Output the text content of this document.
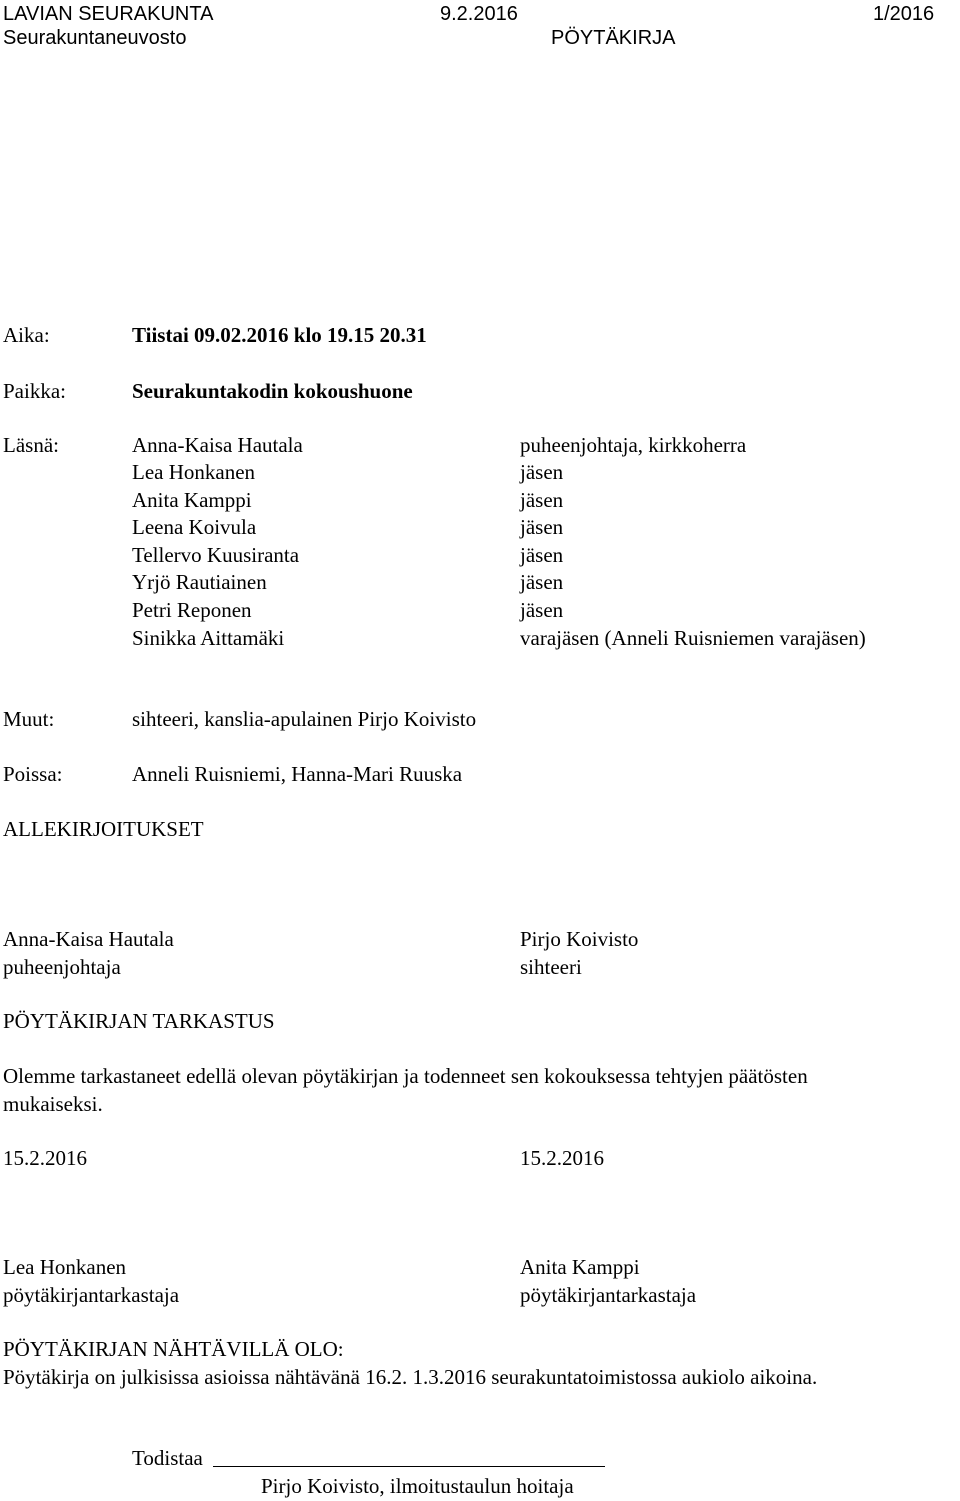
LAVIAN SEURAKUNTA	9.2.2016	1/2016
Seurakuntaneuvosto	PÖYTÄKIRJA
Aika:	Tiistai 09.02.2016 klo 19.15 20.31
Paikka:	Seurakuntakodin kokoushuone
Läsnä:	Anna-Kaisa Hautala	puheenjohtaja, kirkkoherra
Lea Honkanen	jäsen
Anita Kamppi	jäsen
Leena Koivula	jäsen
Tellervo Kuusiranta	jäsen
Yrjö Rautiainen	jäsen
Petri Reponen	jäsen
Sinikka Aittamäki	varajäsen (Anneli Ruisniemen varajäsen)
Muut:	sihteeri, kanslia-apulainen Pirjo Koivisto
Poissa:	Anneli Ruisniemi, Hanna-Mari Ruuska
ALLEKIRJOITUKSET
Anna-Kaisa Hautala
puheenjohtaja
Pirjo Koivisto
sihteeri
PÖYTÄKIRJAN TARKASTUS
Olemme tarkastaneet edellä olevan pöytäkirjan ja todenneet sen kokouksessa tehtyjen päätösten
mukaiseksi.
15.2.2016	15.2.2016
Lea Honkanen
pöytäkirjantarkastaja
Anita Kamppi
pöytäkirjantarkastaja
PÖYTÄKIRJAN NÄHTÄVILLÄ OLO:
Pöytäkirja on julkisissa asioissa nähtävänä 16.2. 1.3.2016 seurakuntatoimistossa aukiolo aikoina.
Todistaa
Pirjo Koivisto, ilmoitustaulun hoitaja
